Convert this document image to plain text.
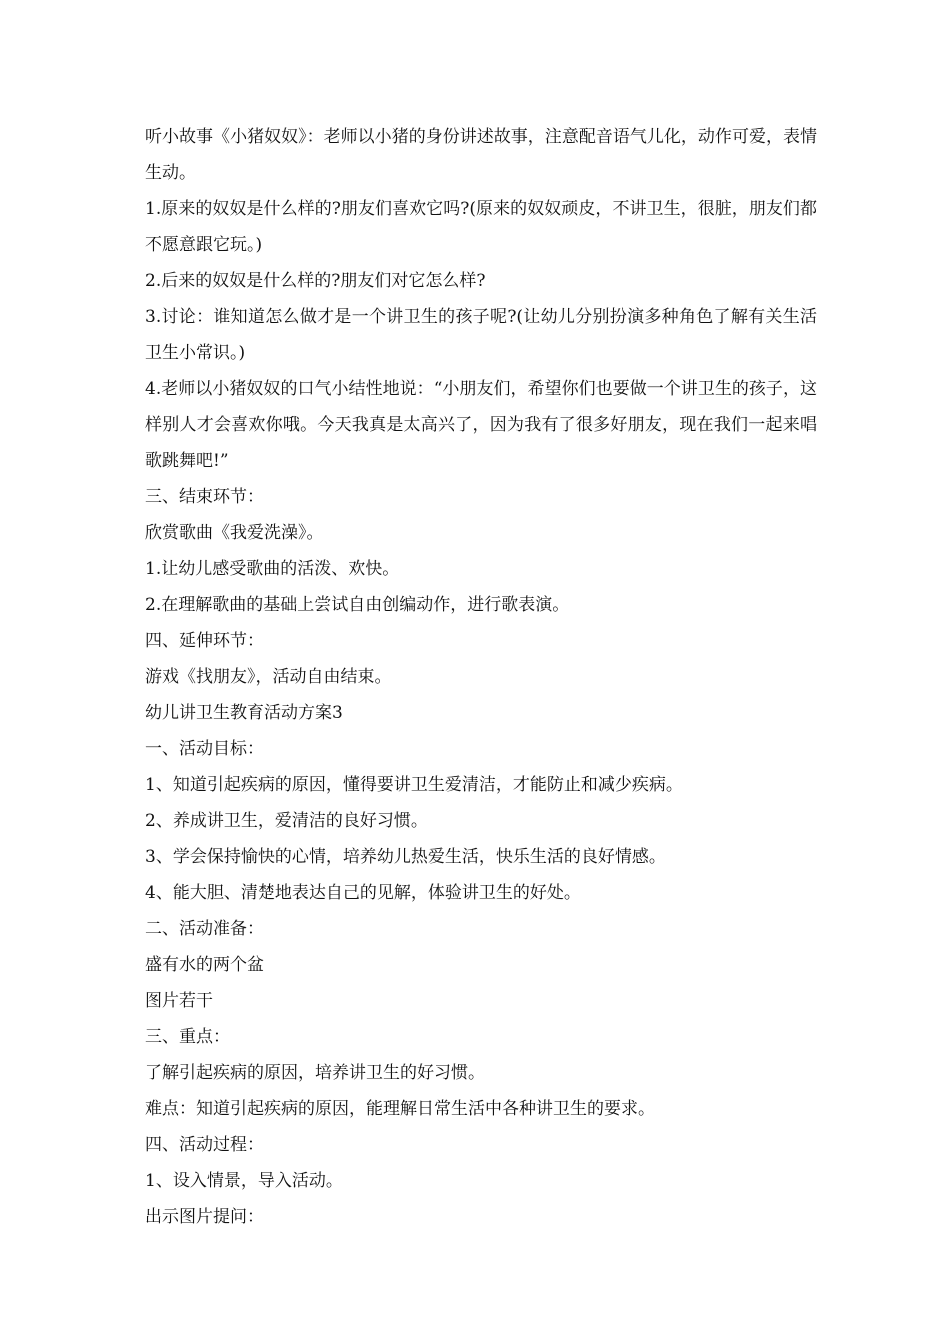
听小故事《小猪奴奴》：老师以小猪的身份讲述故事，注意配音语气儿化，动作可爱，表情生动。

1.原来的奴奴是什么样的?朋友们喜欢它吗?(原来的奴奴顽皮，不讲卫生，很脏，朋友们都不愿意跟它玩。)

2.后来的奴奴是什么样的?朋友们对它怎么样?

3.讨论：谁知道怎么做才是一个讲卫生的孩子呢?(让幼儿分别扮演多种角色了解有关生活卫生小常识。)

4.老师以小猪奴奴的口气小结性地说：“小朋友们，希望你们也要做一个讲卫生的孩子，这样别人才会喜欢你哦。今天我真是太高兴了，因为我有了很多好朋友，现在我们一起来唱歌跳舞吧!”

三、结束环节：

欣赏歌曲《我爱洗澡》。

1.让幼儿感受歌曲的活泼、欢快。

2.在理解歌曲的基础上尝试自由创编动作，进行歌表演。

四、延伸环节：

游戏《找朋友》，活动自由结束。

幼儿讲卫生教育活动方案3

一、活动目标：

1、知道引起疾病的原因，懂得要讲卫生爱清洁，才能防止和减少疾病。

2、养成讲卫生，爱清洁的良好习惯。

3、学会保持愉快的心情，培养幼儿热爱生活，快乐生活的良好情感。

4、能大胆、清楚地表达自己的见解，体验讲卫生的好处。

二、活动准备：

盛有水的两个盆

图片若干

三、重点：

了解引起疾病的原因，培养讲卫生的好习惯。

难点：知道引起疾病的原因，能理解日常生活中各种讲卫生的要求。

四、活动过程：

1、设入情景，导入活动。

出示图片提问：
